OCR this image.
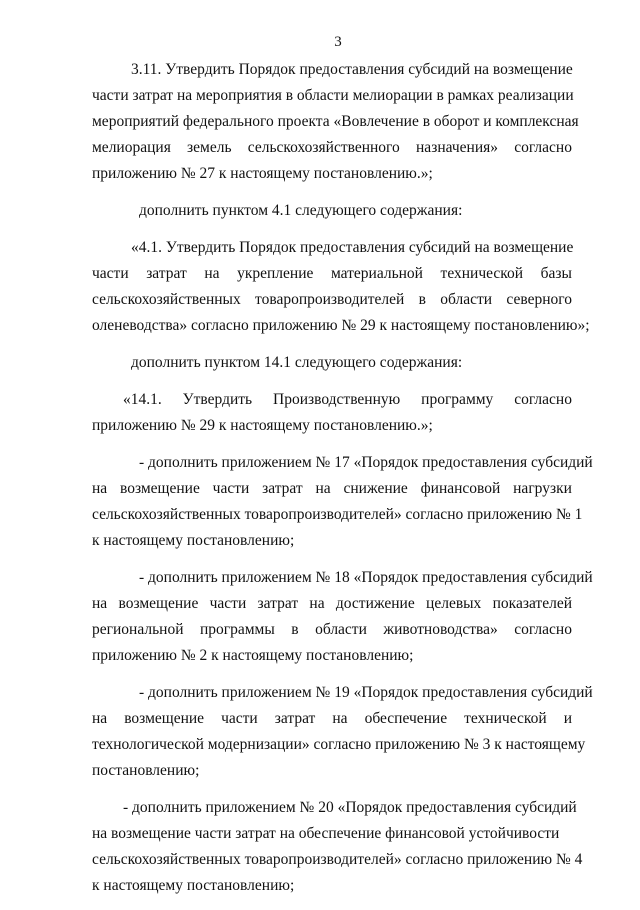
3
3.11. Утвердить Порядок предоставления субсидий на возмещение
части затрат на мероприятия в области мелиорации в рамках реализации
мероприятий федерального проекта «Вовлечение в оборот и комплексная
мелиорация земель сельскохозяйственного назначения» согласно
приложению № 27 к настоящему постановлению.»;
дополнить пунктом 4.1 следующего содержания:
«4.1. Утвердить Порядок предоставления субсидий на возмещение
части затрат на укрепление материальной технической базы
сельскохозяйственных товаропроизводителей в области северного
оленеводства» согласно приложению № 29 к настоящему постановлению»;
дополнить пунктом 14.1 следующего содержания:
«14.1. Утвердить Производственную программу согласно
приложению № 29 к настоящему постановлению.»;
- дополнить приложением № 17 «Порядок предоставления субсидий
на возмещение части затрат на снижение финансовой нагрузки
сельскохозяйственных товаропроизводителей» согласно приложению № 1
к настоящему постановлению;
- дополнить приложением № 18 «Порядок предоставления субсидий
на возмещение части затрат на достижение целевых показателей
региональной программы в области животноводства» согласно
приложению № 2 к настоящему постановлению;
- дополнить приложением № 19 «Порядок предоставления субсидий
на возмещение части затрат на обеспечение технической и
технологической модернизации» согласно приложению № 3 к настоящему
постановлению;
- дополнить приложением № 20 «Порядок предоставления субсидий
на возмещение части затрат на обеспечение финансовой устойчивости
сельскохозяйственных товаропроизводителей» согласно приложению № 4
к настоящему постановлению;
